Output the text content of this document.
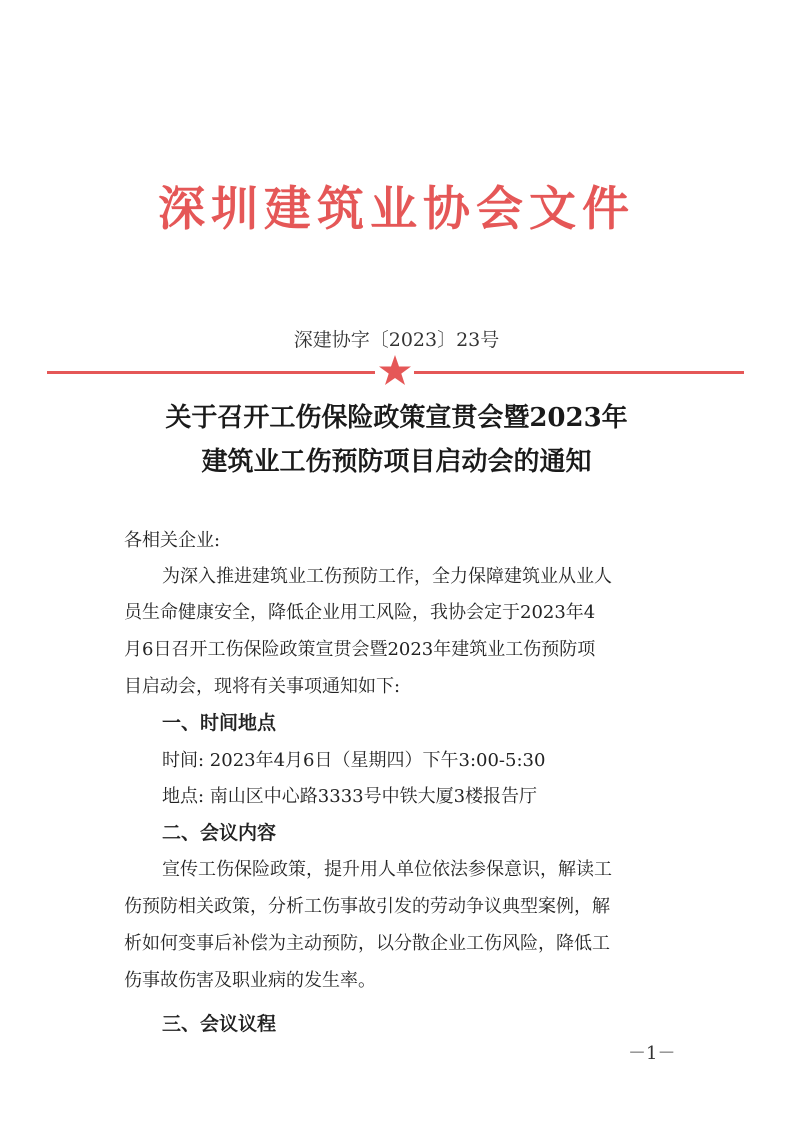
深圳建筑业协会文件
深建协字〔2023〕23号
关于召开工伤保险政策宣贯会暨2023年
建筑业工伤预防项目启动会的通知
各相关企业:
为深入推进建筑业工伤预防工作，全力保障建筑业从业人
员生命健康安全，降低企业用工风险，我协会定于2023年4
月6日召开工伤保险政策宣贯会暨2023年建筑业工伤预防项
目启动会，现将有关事项通知如下:
一、时间地点
时间: 2023年4月6日（星期四）下午3:00-5:30
地点: 南山区中心路3333号中铁大厦3楼报告厅
二、会议内容
宣传工伤保险政策，提升用人单位依法参保意识，解读工
伤预防相关政策，分析工伤事故引发的劳动争议典型案例，解
析如何变事后补偿为主动预防，以分散企业工伤风险，降低工
伤事故伤害及职业病的发生率。
三、会议议程
－1－
